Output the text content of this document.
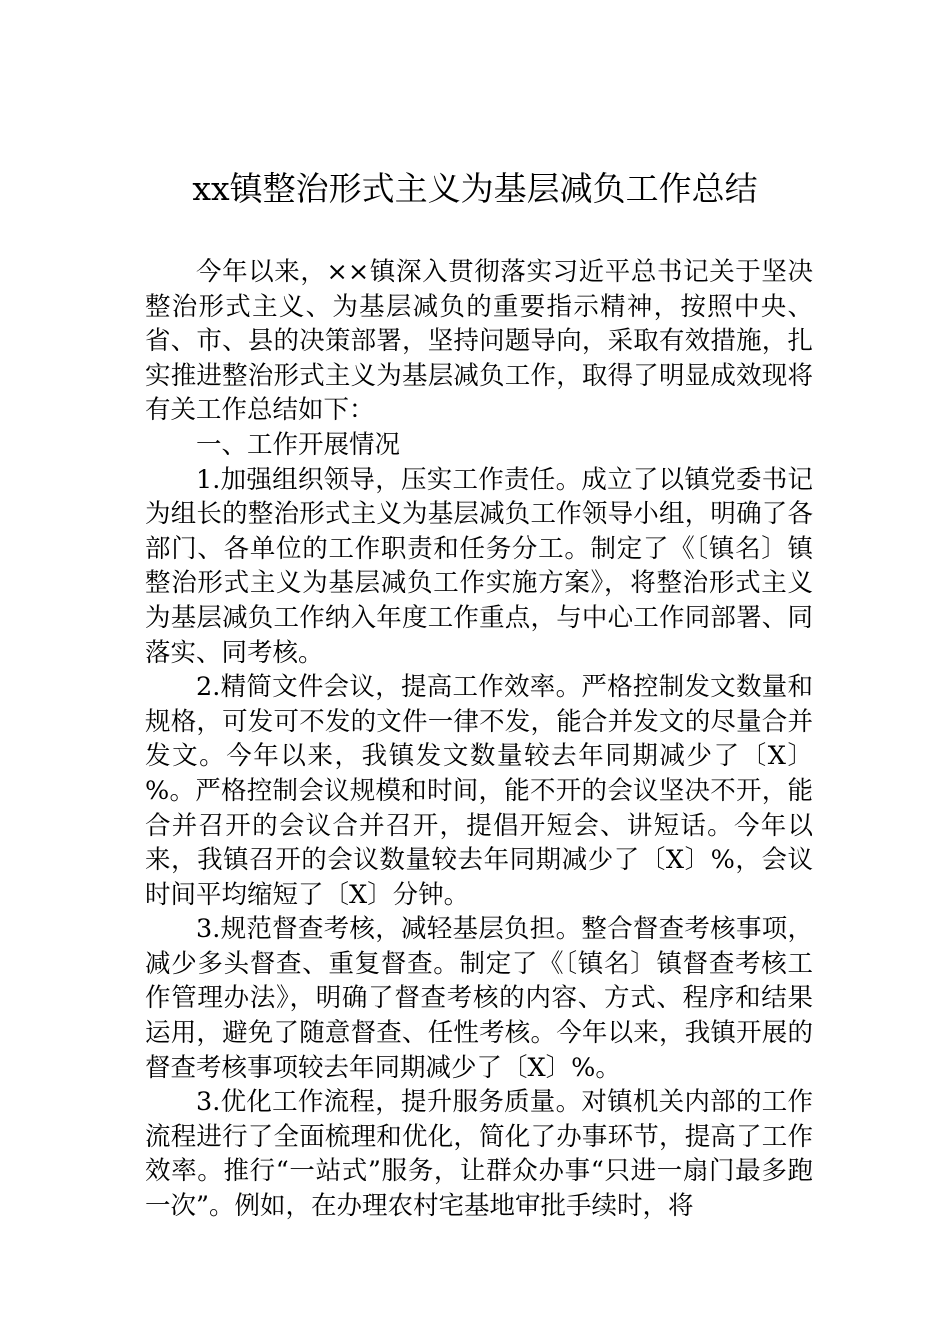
xx镇整治形式主义为基层减负工作总结

今年以来，××镇深入贯彻落实习近平总书记关于坚决整治形式主义、为基层减负的重要指示精神，按照中央、省、市、县的决策部署，坚持问题导向，采取有效措施，扎实推进整治形式主义为基层减负工作，取得了明显成效现将有关工作总结如下：

一、工作开展情况

1.加强组织领导，压实工作责任。成立了以镇党委书记为组长的整治形式主义为基层减负工作领导小组，明确了各部门、各单位的工作职责和任务分工。制定了《〔镇名〕镇整治形式主义为基层减负工作实施方案》，将整治形式主义为基层减负工作纳入年度工作重点，与中心工作同部署、同落实、同考核。

2.精简文件会议，提高工作效率。严格控制发文数量和规格，可发可不发的文件一律不发，能合并发文的尽量合并发文。今年以来，我镇发文数量较去年同期减少了〔X〕%。严格控制会议规模和时间，能不开的会议坚决不开，能合并召开的会议合并召开，提倡开短会、讲短话。今年以来，我镇召开的会议数量较去年同期减少了〔X〕%，会议时间平均缩短了〔X〕分钟。

3.规范督查考核，减轻基层负担。整合督查考核事项，减少多头督查、重复督查。制定了《〔镇名〕镇督查考核工作管理办法》，明确了督查考核的内容、方式、程序和结果运用，避免了随意督查、任性考核。今年以来，我镇开展的督查考核事项较去年同期减少了〔X〕%。

3.优化工作流程，提升服务质量。对镇机关内部的工作流程进行了全面梳理和优化，简化了办事环节，提高了工作效率。推行“一站式”服务，让群众办事“只进一扇门最多跑一次”。例如，在办理农村宅基地审批手续时，将
